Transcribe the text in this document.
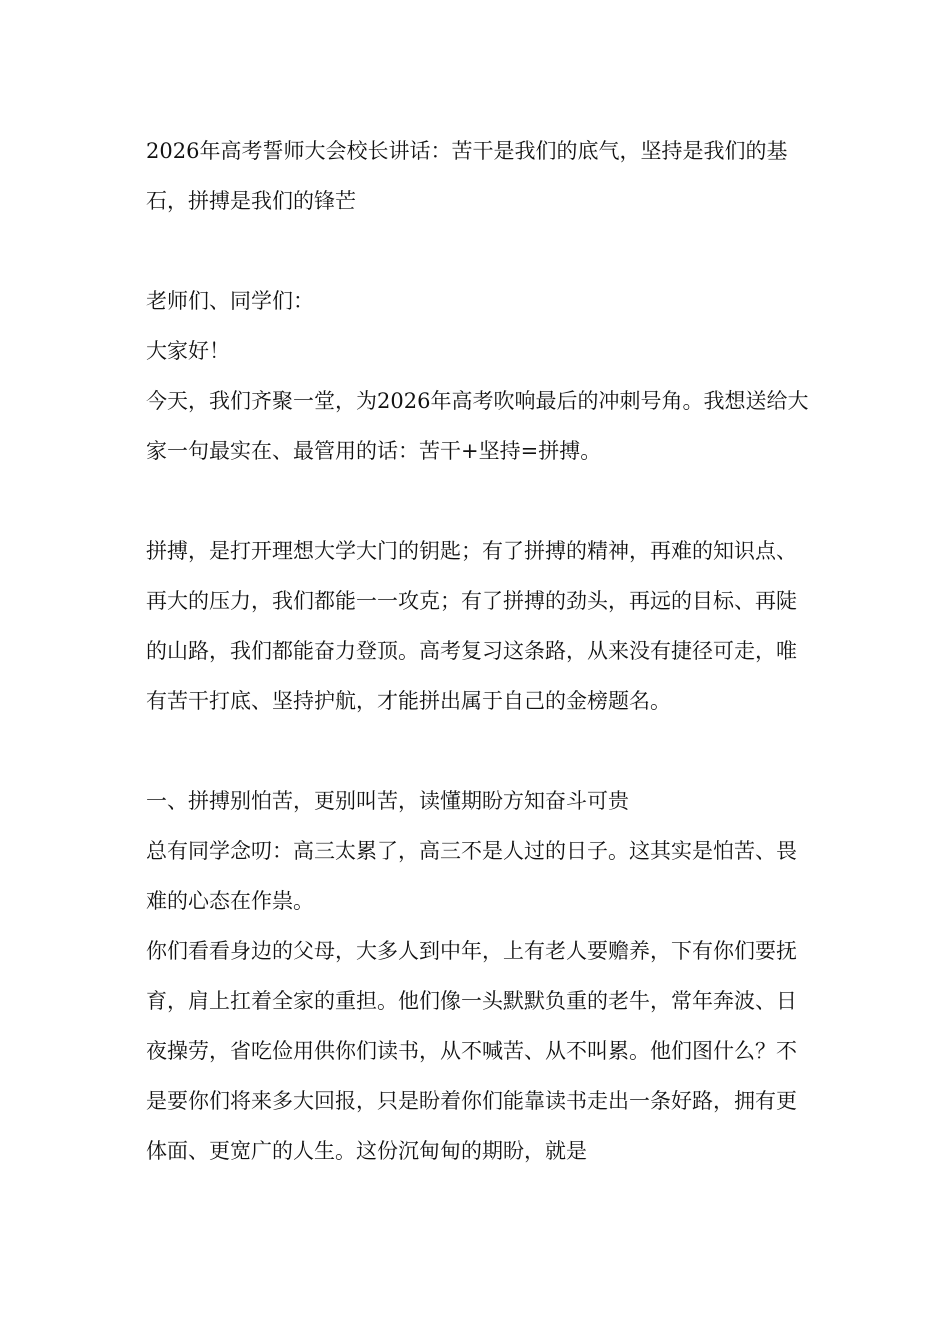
2026年高考誓师大会校长讲话：苦干是我们的底气，坚持是我们的基石，拼搏是我们的锋芒

老师们、同学们：

大家好！

今天，我们齐聚一堂，为2026年高考吹响最后的冲刺号角。我想送给大家一句最实在、最管用的话：苦干+坚持=拼搏。

拼搏，是打开理想大学大门的钥匙；有了拼搏的精神，再难的知识点、再大的压力，我们都能一一攻克；有了拼搏的劲头，再远的目标、再陡的山路，我们都能奋力登顶。高考复习这条路，从来没有捷径可走，唯有苦干打底、坚持护航，才能拼出属于自己的金榜题名。

一、拼搏别怕苦，更别叫苦，读懂期盼方知奋斗可贵

总有同学念叨：高三太累了，高三不是人过的日子。这其实是怕苦、畏难的心态在作祟。

你们看看身边的父母，大多人到中年，上有老人要赡养，下有你们要抚育，肩上扛着全家的重担。他们像一头默默负重的老牛，常年奔波、日夜操劳，省吃俭用供你们读书，从不喊苦、从不叫累。他们图什么？不是要你们将来多大回报，只是盼着你们能靠读书走出一条好路，拥有更体面、更宽广的人生。这份沉甸甸的期盼，就是
